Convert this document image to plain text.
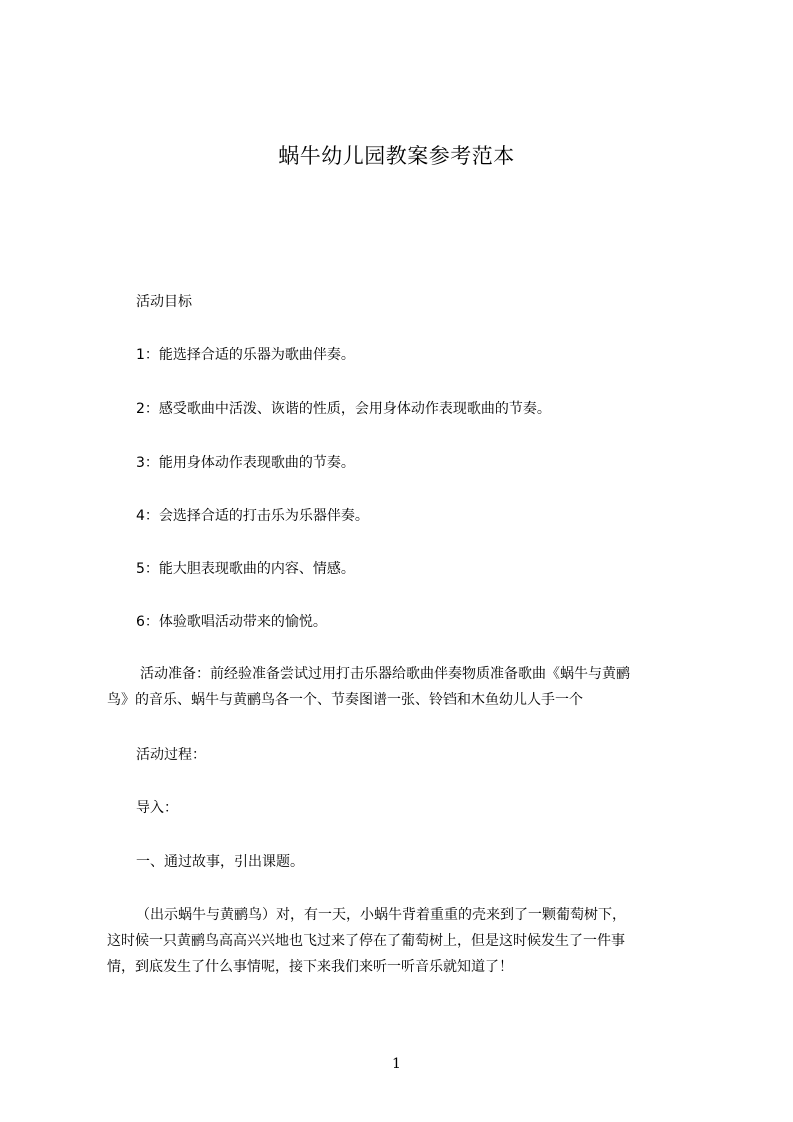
蜗牛幼儿园教案参考范本

活动目标

1：能选择合适的乐器为歌曲伴奏。

2：感受歌曲中活泼、诙谐的性质，会用身体动作表现歌曲的节奏。

3：能用身体动作表现歌曲的节奏。

4：会选择合适的打击乐为乐器伴奏。

5：能大胆表现歌曲的内容、情感。

6：体验歌唱活动带来的愉悦。

活动准备：前经验准备尝试过用打击乐器给歌曲伴奏物质准备歌曲《蜗牛与黄鹂
鸟》的音乐、蜗牛与黄鹂鸟各一个、节奏图谱一张、铃铛和木鱼幼儿人手一个

活动过程：

导入：

一、通过故事，引出课题。

（出示蜗牛与黄鹂鸟）对，有一天，小蜗牛背着重重的壳来到了一颗葡萄树下，
这时候一只黄鹂鸟高高兴兴地也飞过来了停在了葡萄树上，但是这时候发生了一件事
情，到底发生了什么事情呢，接下来我们来听一听音乐就知道了！

1
